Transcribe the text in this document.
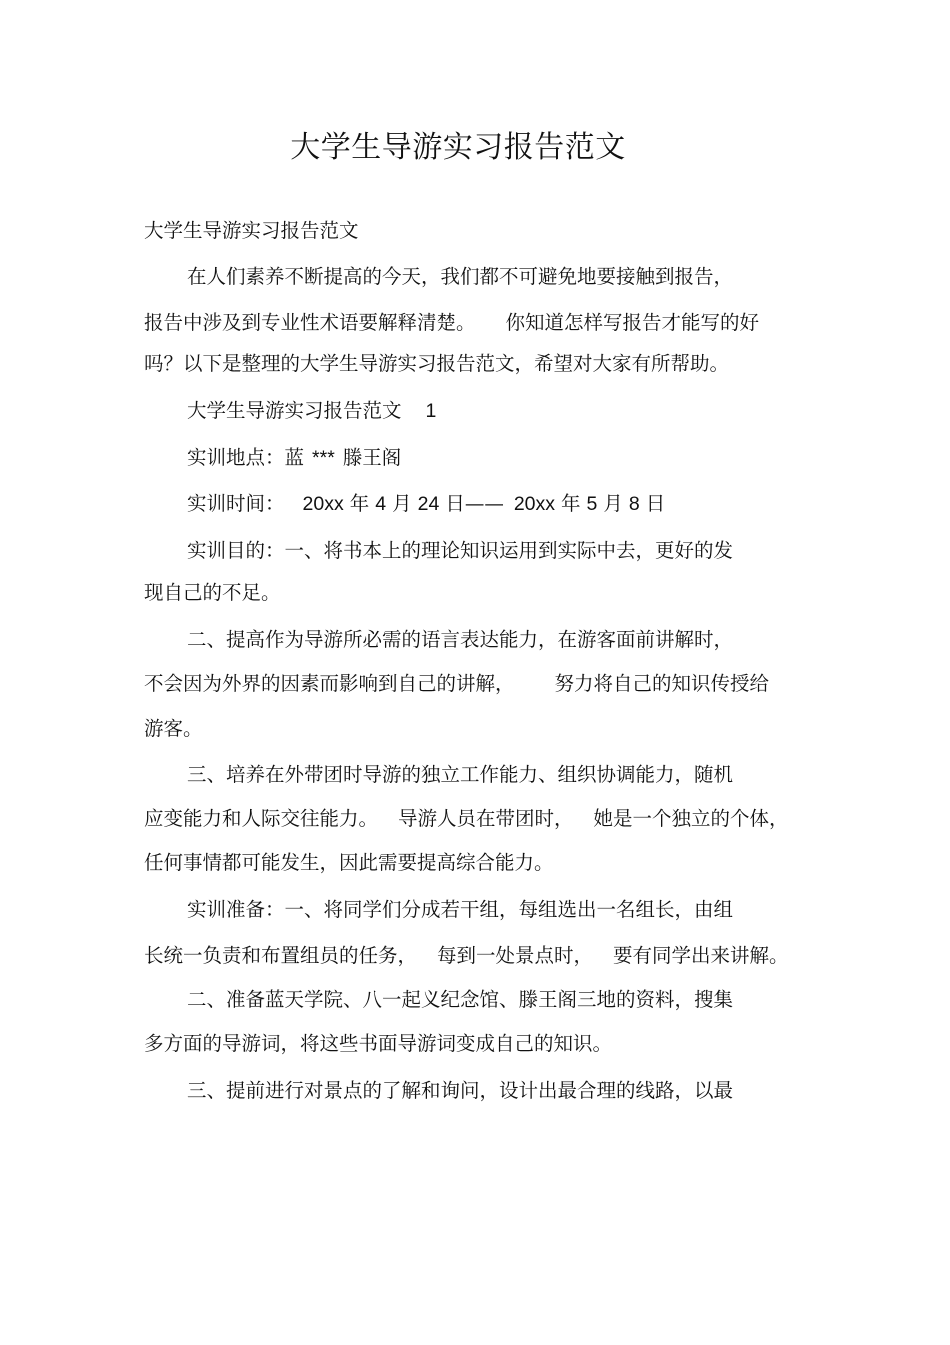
大学生导游实习报告范文
大学生导游实习报告范文
在人们素养不断提高的今天，我们都不可避免地要接触到报告，
报告中涉及到专业性术语要解释清楚。 你知道怎样写报告才能写的好
吗？以下是整理的大学生导游实习报告范文，希望对大家有所帮助。
大学生导游实习报告范文 1
实训地点：蓝 *** 滕王阁
实训时间： 20xx 年 4 月 24 日—— 20xx 年 5 月 8 日
实训目的：一、将书本上的理论知识运用到实际中去，更好的发
现自己的不足。
二、提高作为导游所必需的语言表达能力，在游客面前讲解时，
不会因为外界的因素而影响到自己的讲解， 努力将自己的知识传授给
游客。
三、培养在外带团时导游的独立工作能力、组织协调能力，随机
应变能力和人际交往能力。 导游人员在带团时， 她是一个独立的个体，
任何事情都可能发生，因此需要提高综合能力。
实训准备：一、将同学们分成若干组，每组选出一名组长，由组
长统一负责和布置组员的任务， 每到一处景点时， 要有同学出来讲解。
二、准备蓝天学院、八一起义纪念馆、滕王阁三地的资料，搜集
多方面的导游词，将这些书面导游词变成自己的知识。
三、提前进行对景点的了解和询问，设计出最合理的线路，以最
